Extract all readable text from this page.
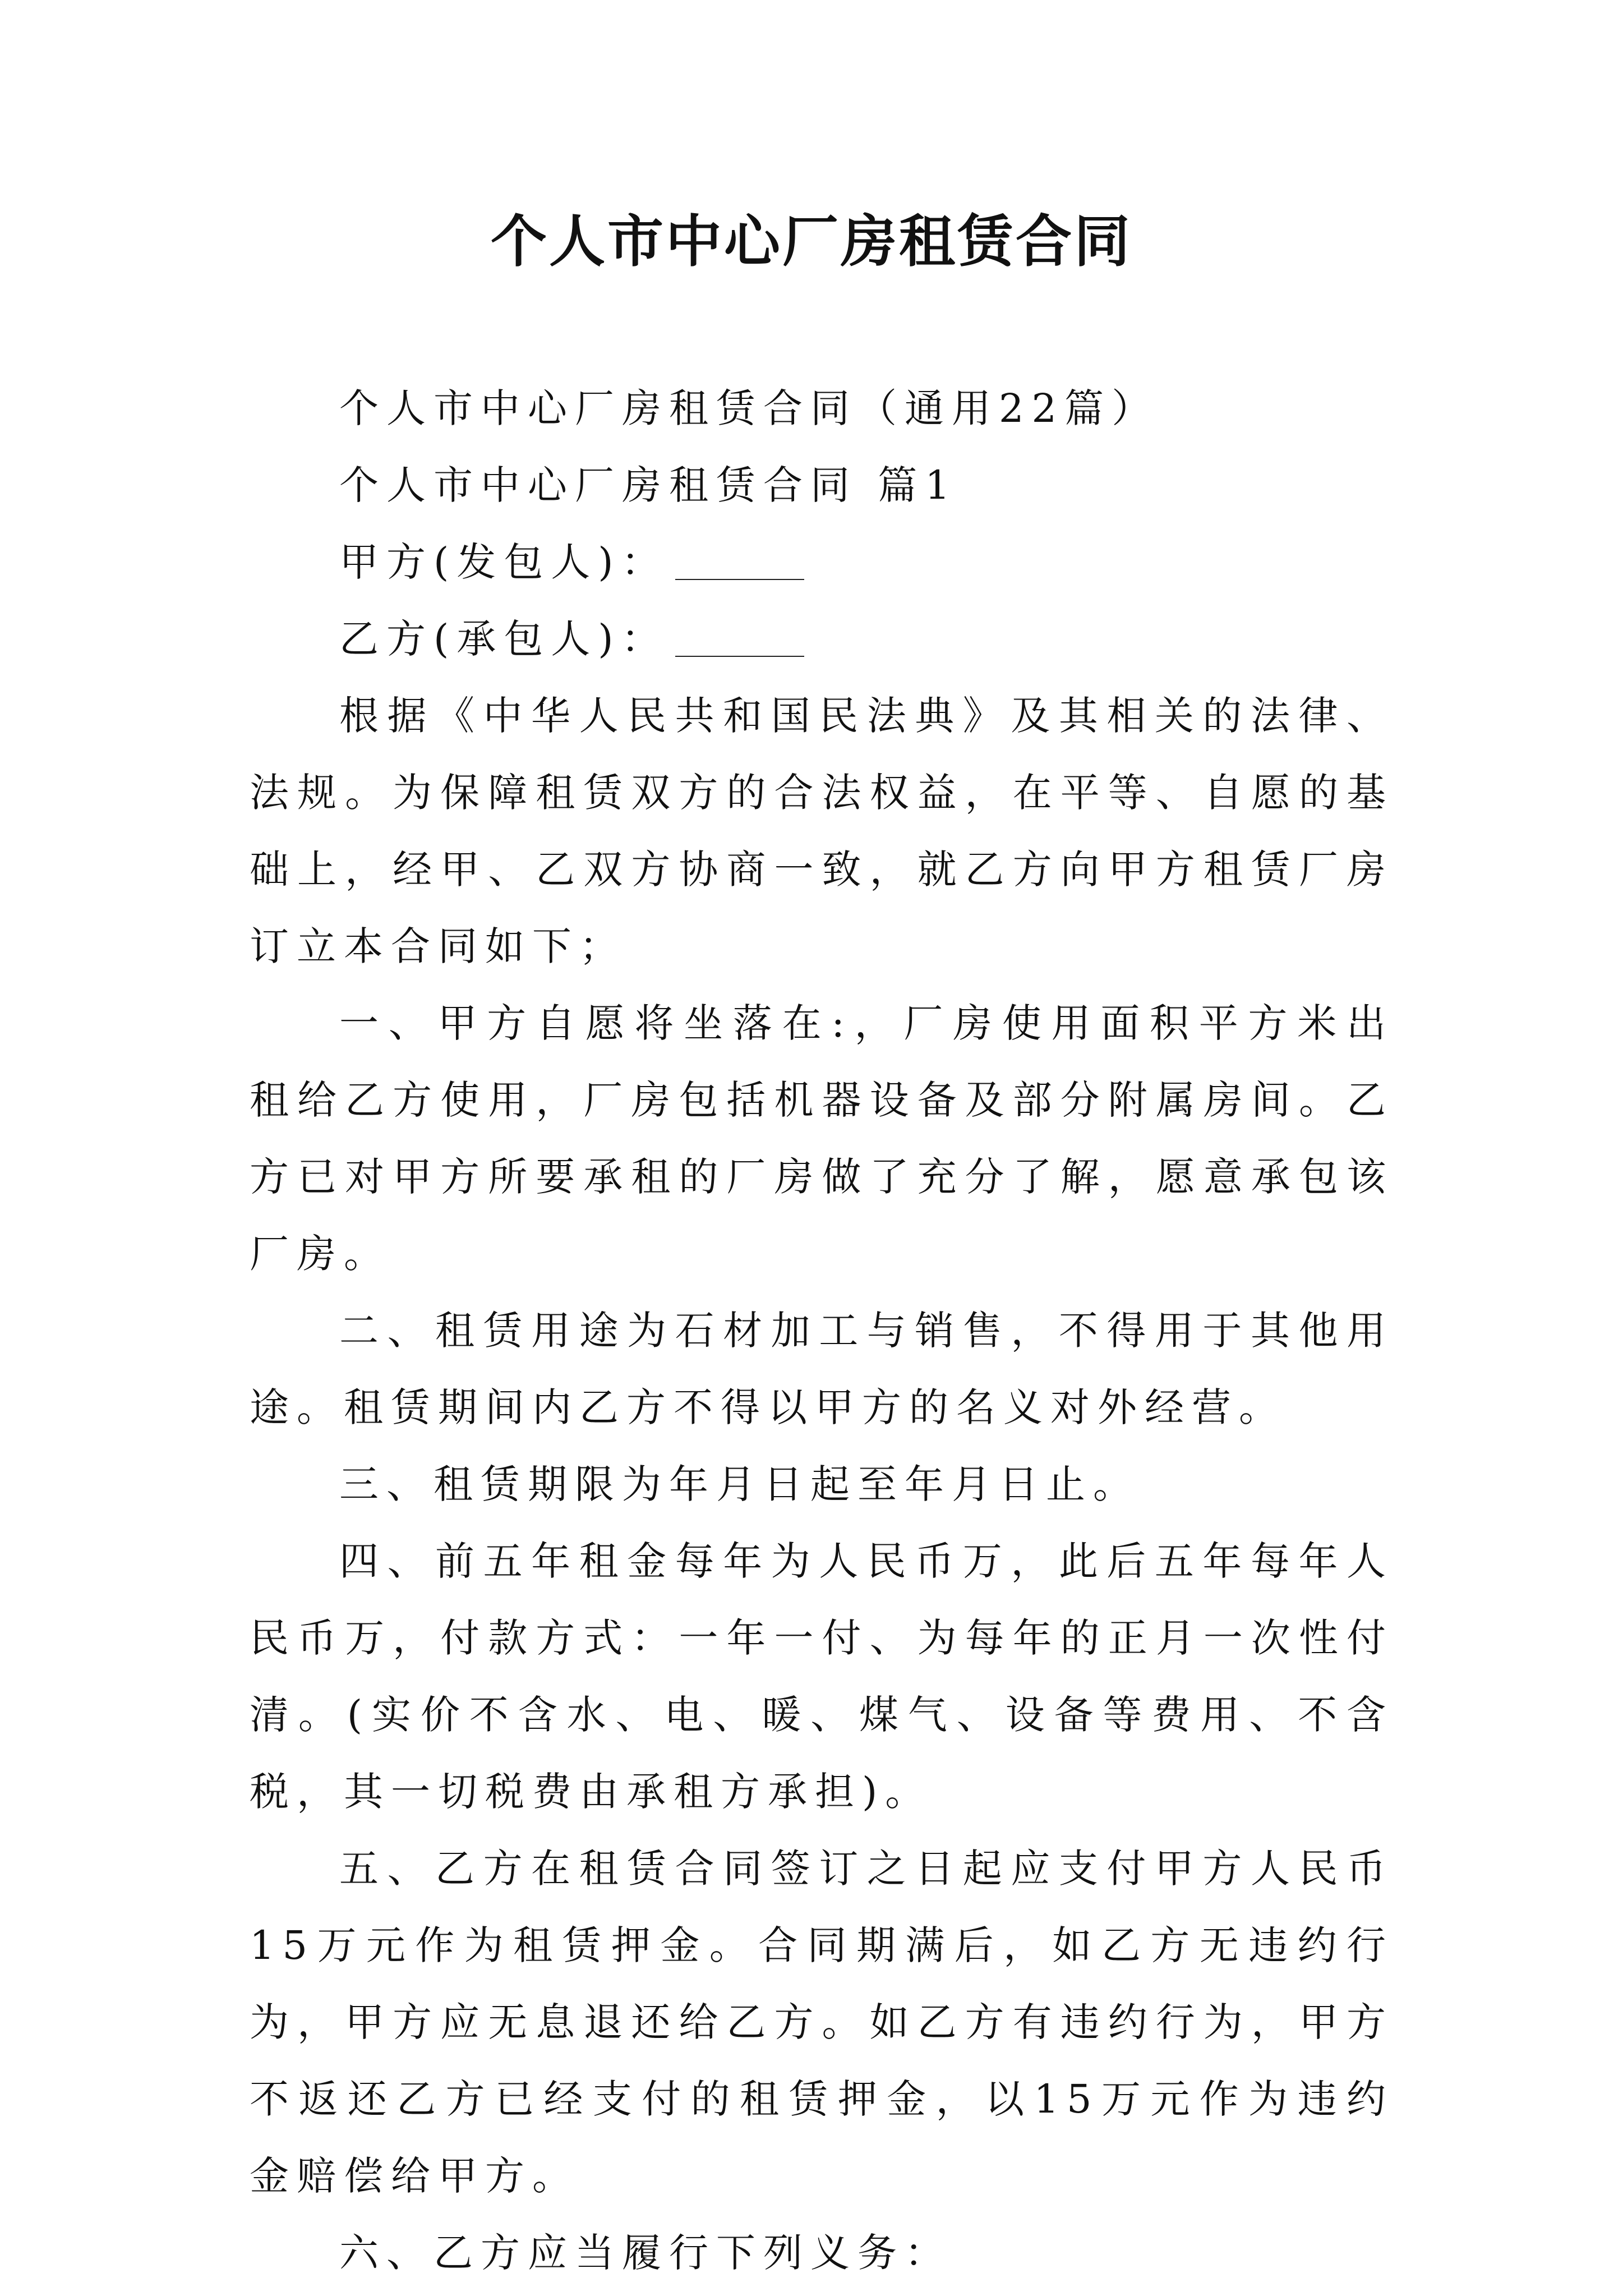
个人市中心厂房租赁合同

个人市中心厂房租赁合同（通用22篇）

个人市中心厂房租赁合同 篇1

甲方(发包人)：

乙方(承包人)：

根据《中华人民共和国民法典》及其相关的法律、法规。为保障租赁双方的合法权益，在平等、自愿的基础上，经甲、乙双方协商一致，就乙方向甲方租赁厂房订立本合同如下；

一、甲方自愿将坐落在:，厂房使用面积平方米出租给乙方使用，厂房包括机器设备及部分附属房间。乙方已对甲方所要承租的厂房做了充分了解，愿意承包该厂房。

二、租赁用途为石材加工与销售，不得用于其他用途。租赁期间内乙方不得以甲方的名义对外经营。

三、租赁期限为年月日起至年月日止。

四、前五年租金每年为人民币万，此后五年每年人民币万，付款方式：一年一付、为每年的正月一次性付清。(实价不含水、电、暖、煤气、设备等费用、不含税，其一切税费由承租方承担)。

五、乙方在租赁合同签订之日起应支付甲方人民币15万元作为租赁押金。合同期满后，如乙方无违约行为，甲方应无息退还给乙方。如乙方有违约行为，甲方不返还乙方已经支付的租赁押金，以15万元作为违约金赔偿给甲方。

六、乙方应当履行下列义务：
